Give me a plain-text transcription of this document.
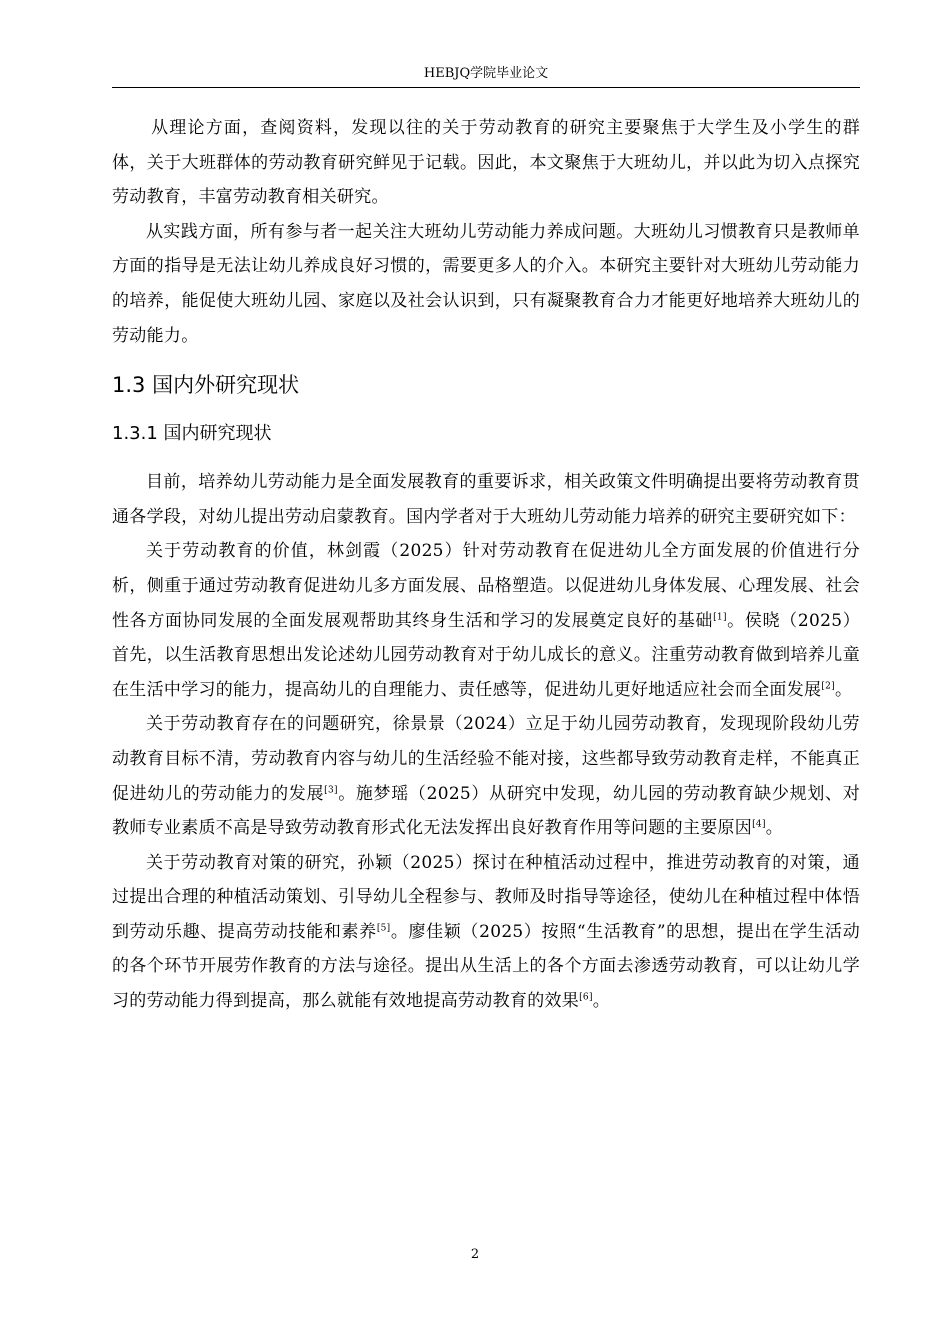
HEBJQ学院毕业论文

从理论方面，查阅资料，发现以往的关于劳动教育的研究主要聚焦于大学生及小学生的群体，关于大班群体的劳动教育研究鲜见于记载。因此，本文聚焦于大班幼儿，并以此为切入点探究劳动教育，丰富劳动教育相关研究。

从实践方面，所有参与者一起关注大班幼儿劳动能力养成问题。大班幼儿习惯教育只是教师单方面的指导是无法让幼儿养成良好习惯的，需要更多人的介入。本研究主要针对大班幼儿劳动能力的培养，能促使大班幼儿园、家庭以及社会认识到，只有凝聚教育合力才能更好地培养大班幼儿的劳动能力。

1.3 国内外研究现状
1.3.1 国内研究现状

目前，培养幼儿劳动能力是全面发展教育的重要诉求，相关政策文件明确提出要将劳动教育贯通各学段，对幼儿提出劳动启蒙教育。国内学者对于大班幼儿劳动能力培养的研究主要研究如下：

关于劳动教育的价值，林剑霞（2025）针对劳动教育在促进幼儿全方面发展的价值进行分析，侧重于通过劳动教育促进幼儿多方面发展、品格塑造。以促进幼儿身体发展、心理发展、社会性各方面协同发展的全面发展观帮助其终身生活和学习的发展奠定良好的基础[1]。侯晓（2025）首先，以生活教育思想出发论述幼儿园劳动教育对于幼儿成长的意义。注重劳动教育做到培养儿童在生活中学习的能力，提高幼儿的自理能力、责任感等，促进幼儿更好地适应社会而全面发展[2]。

关于劳动教育存在的问题研究，徐景景（2024）立足于幼儿园劳动教育，发现现阶段幼儿劳动教育目标不清，劳动教育内容与幼儿的生活经验不能对接，这些都导致劳动教育走样，不能真正促进幼儿的劳动能力的发展[3]。施梦瑶（2025）从研究中发现，幼儿园的劳动教育缺少规划、对教师专业素质不高是导致劳动教育形式化无法发挥出良好教育作用等问题的主要原因[4]。

关于劳动教育对策的研究，孙颖（2025）探讨在种植活动过程中，推进劳动教育的对策，通过提出合理的种植活动策划、引导幼儿全程参与、教师及时指导等途径，使幼儿在种植过程中体悟到劳动乐趣、提高劳动技能和素养[5]。廖佳颖（2025）按照“生活教育”的思想，提出在学生活动的各个环节开展劳作教育的方法与途径。提出从生活上的各个方面去渗透劳动教育，可以让幼儿学习的劳动能力得到提高，那么就能有效地提高劳动教育的效果[6]。

2
